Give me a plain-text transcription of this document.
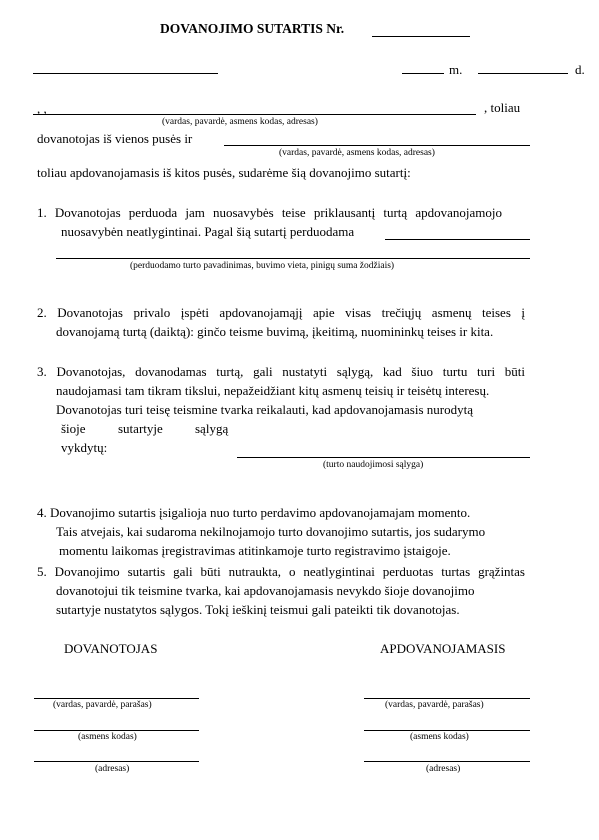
DOVANOJIMO SUTARTIS Nr.
m.	d.
, ,	, toliau
(vardas, pavardė, asmens kodas, adresas)
dovanotojas iš vienos pusės ir
(vardas, pavardė, asmens kodas, adresas)
toliau apdovanojamasis iš kitos pusės, sudarėme šią dovanojimo sutartį:
1. Dovanotojas perduoda jam nuosavybės teise priklausantį turtą apdovanojamojo
nuosavybėn neatlygintinai. Pagal šią sutartį perduodama
(perduodamo turto pavadinimas, buvimo vieta, pinigų suma žodžiais)
2. Dovanotojas privalo įspėti apdovanojamąjį apie visas trečiųjų asmenų teises į
dovanojamą turtą (daiktą): ginčo teisme buvimą, įkeitimą, nuomininkų teises ir kita.
3. Dovanotojas, dovanodamas turtą, gali nustatyti sąlygą, kad šiuo turtu turi būti
naudojamasi tam tikram tikslui, nepažeidžiant kitų asmenų teisių ir teisėtų interesų.
Dovanotojas turi teisę teismine tvarka reikalauti, kad apdovanojamasis nurodytą
šioje sutartyje sąlygą
vykdytų:
(turto naudojimosi sąlyga)
4. Dovanojimo sutartis įsigalioja nuo turto perdavimo apdovanojamajam momento.
Tais atvejais, kai sudaroma nekilnojamojo turto dovanojimo sutartis, jos sudarymo
momentu laikomas įregistravimas atitinkamoje turto registravimo įstaigoje.
5. Dovanojimo sutartis gali būti nutraukta, o neatlygintinai perduotas turtas grąžintas
dovanotojui tik teismine tvarka, kai apdovanojamasis nevykdo šioje dovanojimo
sutartyje nustatytos sąlygos. Tokį ieškinį teismui gali pateikti tik dovanotojas.
DOVANOTOJAS	APDOVANOJAMASIS
(vardas, pavardė, parašas)	(vardas, pavardė, parašas)
(asmens kodas)	(asmens kodas)
(adresas)	(adresas)
